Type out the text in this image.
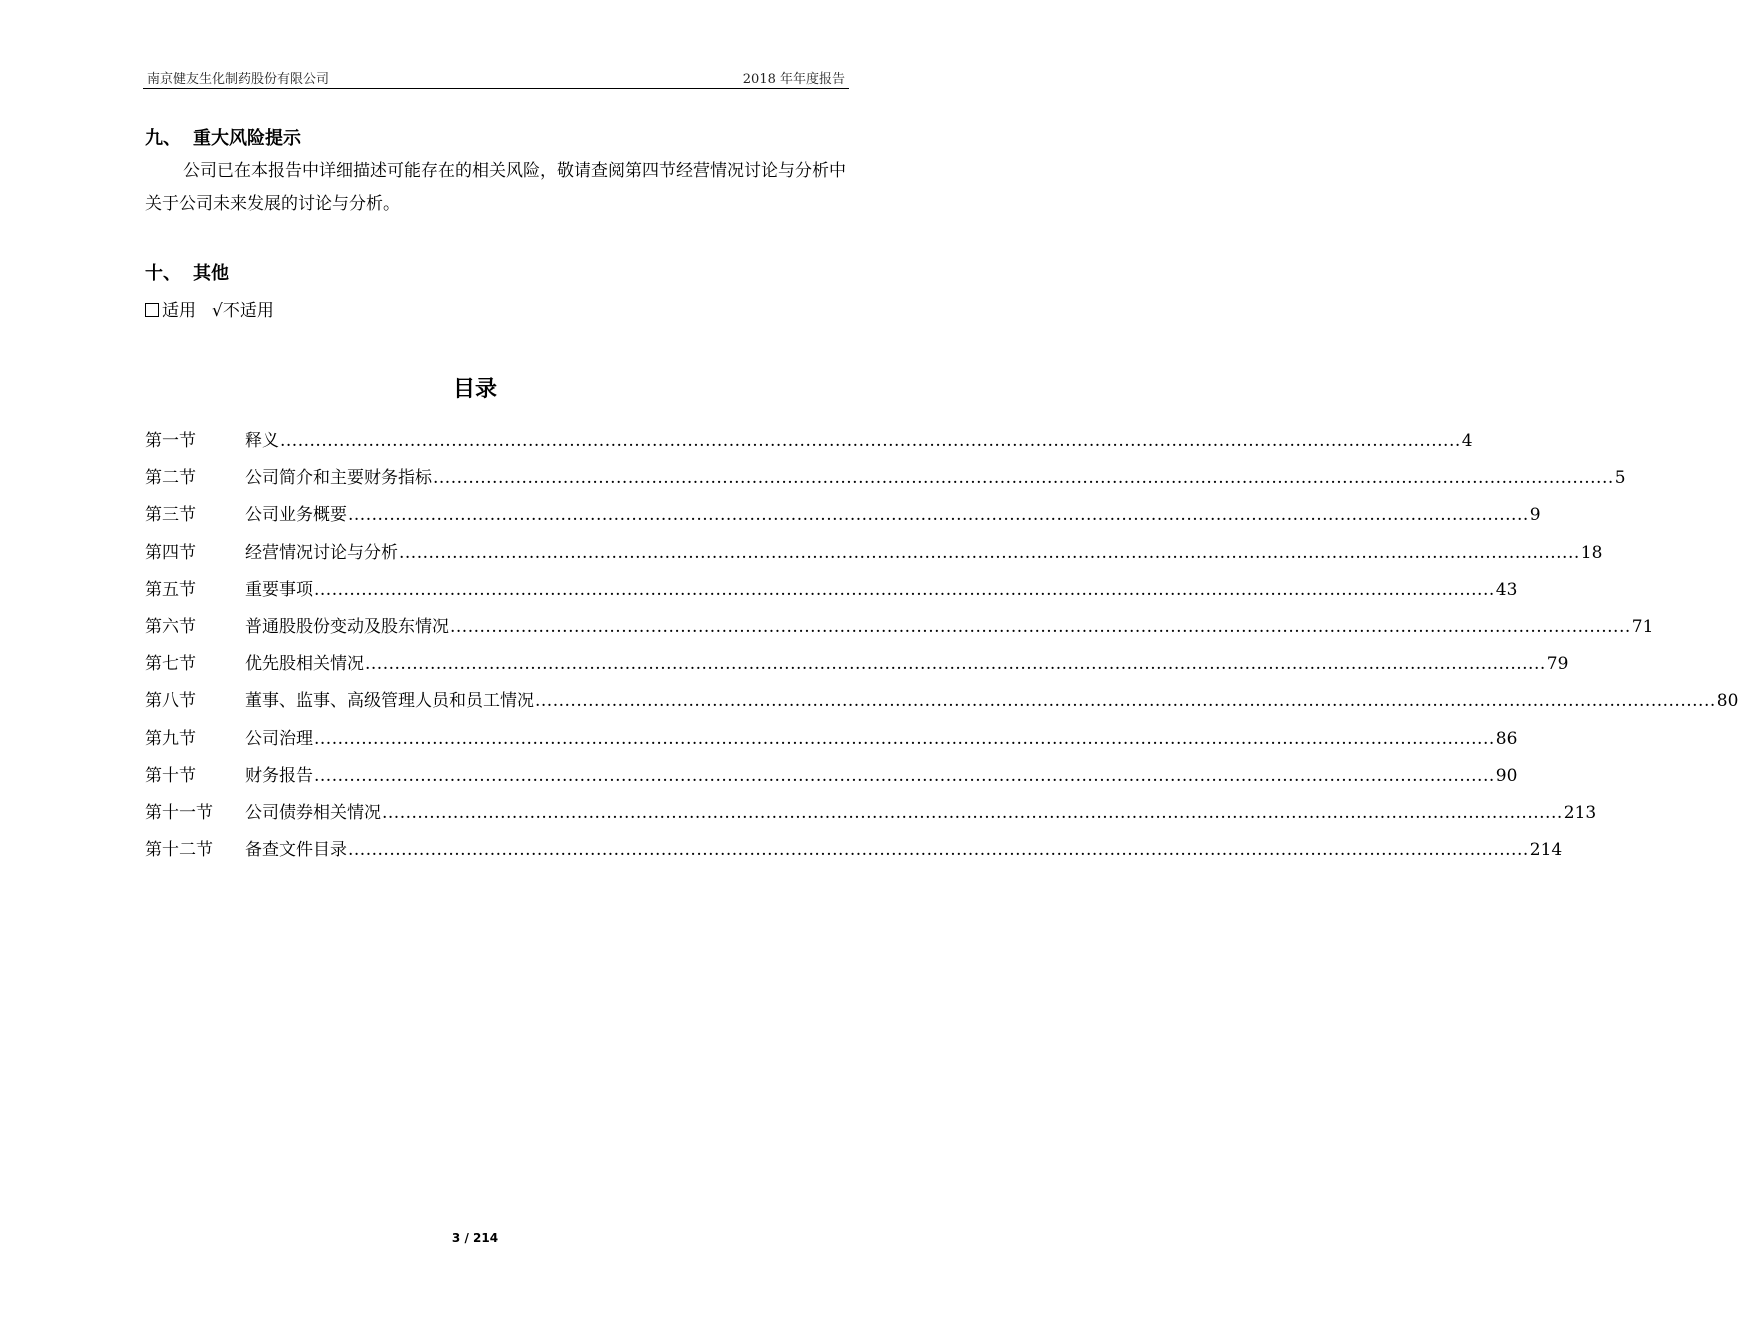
南京健友生化制药股份有限公司	2018 年年度报告
九、 重大风险提示
公司已在本报告中详细描述可能存在的相关风险，敬请查阅第四节经营情况讨论与分析中关于公司未来发展的讨论与分析。
十、 其他
适用 √不适用
目录
第一节	释义 ........................................................................................................................................................................................................ 4
第二节	公司简介和主要财务指标 ........................................................................................................................................................................................................ 5
第三节	公司业务概要 ........................................................................................................................................................................................................ 9
第四节	经营情况讨论与分析 ........................................................................................................................................................................................................ 18
第五节	重要事项 ........................................................................................................................................................................................................ 43
第六节	普通股股份变动及股东情况 ........................................................................................................................................................................................................ 71
第七节	优先股相关情况 ........................................................................................................................................................................................................ 79
第八节	董事、监事、高级管理人员和员工情况 ........................................................................................................................................................................................................ 80
第九节	公司治理 ........................................................................................................................................................................................................ 86
第十节	财务报告 ........................................................................................................................................................................................................ 90
第十一节	公司债券相关情况 ........................................................................................................................................................................................................ 213
第十二节	备查文件目录 ........................................................................................................................................................................................................ 214
3 / 214
